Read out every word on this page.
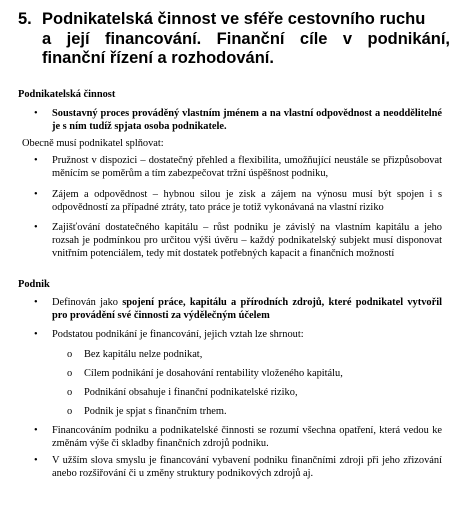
5. Podnikatelská činnost ve sféře cestovního ruchu
a její financování. Finanční cíle v podnikání, finanční řízení a rozhodování.
Podnikatelská činnost
•	Soustavný proces prováděný vlastním jménem a na vlastní odpovědnost a neoddělitelné je s ním tudíž spjata osoba podnikatele.
Obecně musí podnikatel splňovat:
•	Pružnost v dispozici – dostatečný přehled a flexibilita, umožňující neustále se přizpůsobovat měnícím se poměrům a tím zabezpečovat tržní úspěšnost podniku,
•	Zájem a odpovědnost – hybnou silou je zisk a zájem na výnosu musí být spojen i s odpovědností za případné ztráty, tato práce je totiž vykonávaná na vlastní riziko
•	Zajišťování dostatečného kapitálu – růst podniku je závislý na vlastním kapitálu a jeho rozsah je podmínkou pro určitou výši úvěru – každý podnikatelský subjekt musí disponovat vnitřním potenciálem, tedy mít dostatek potřebných kapacit a finančních možností
Podnik
•	Definován jako spojení práce, kapitálu a přírodních zdrojů, které podnikatel vytvořil pro provádění své činnosti za výdělečným účelem
•	Podstatou podnikání je financování, jejich vztah lze shrnout:
o	Bez kapitálu nelze podnikat,
o	Cílem podnikání je dosahování rentability vloženého kapitálu,
o	Podnikání obsahuje i finanční podnikatelské riziko,
o	Podnik je spjat s finančním trhem.
•	Financováním podniku a podnikatelské činnosti se rozumí všechna opatření, která vedou ke změnám výše či skladby finančních zdrojů podniku.
•	V užším slova smyslu je financování vybavení podniku finančními zdroji při jeho zřizování anebo rozšiřování či u změny struktury podnikových zdrojů aj.
